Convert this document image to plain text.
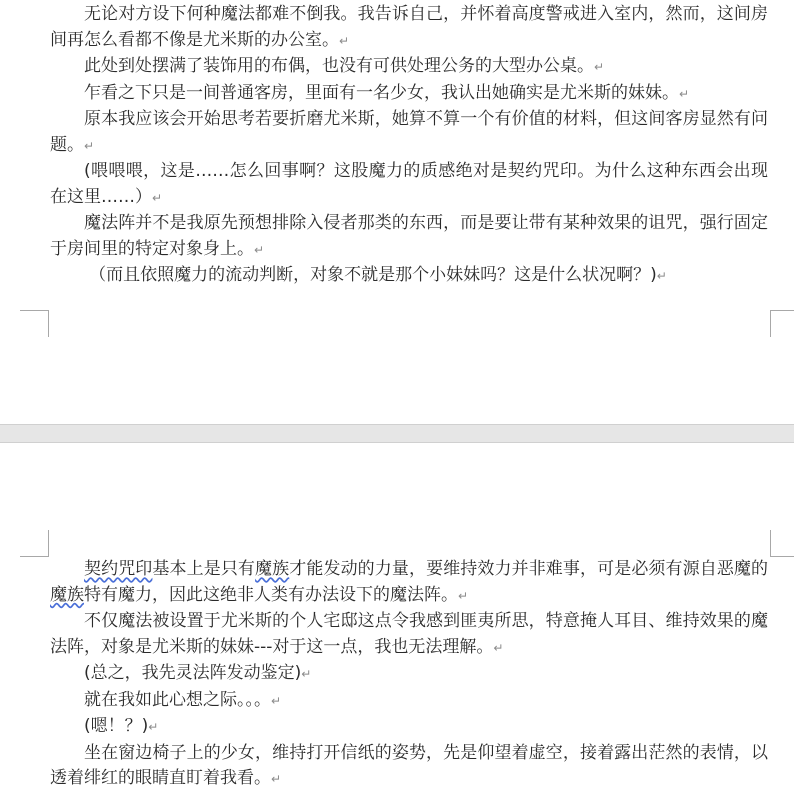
无论对方设下何种魔法都难不倒我。我告诉自己，并怀着高度警戒进入室内，然而，这间房间再怎么看都不像是尤米斯的办公室。↵

此处到处摆满了装饰用的布偶，也没有可供处理公务的大型办公桌。↵

乍看之下只是一间普通客房，里面有一名少女，我认出她确实是尤米斯的妹妹。↵

原本我应该会开始思考若要折磨尤米斯，她算不算一个有价值的材料，但这间客房显然有问题。↵

(喂喂喂，这是……怎么回事啊？这股魔力的质感绝对是契约咒印。为什么这种东西会出现在这里……）↵

魔法阵并不是我原先预想排除入侵者那类的东西，而是要让带有某种效果的诅咒，强行固定于房间里的特定对象身上。↵

（而且依照魔力的流动判断，对象不就是那个小妹妹吗？这是什么状况啊？)↵

契约咒印基本上是只有魔族才能发动的力量，要维持效力并非难事，可是必须有源自恶魔的魔族特有魔力，因此这绝非人类有办法设下的魔法阵。↵

不仅魔法被设置于尤米斯的个人宅邸这点令我感到匪夷所思，特意掩人耳目、维持效果的魔法阵，对象是尤米斯的妹妹---对于这一点，我也无法理解。↵

(总之，我先灵法阵发动鉴定)↵

就在我如此心想之际。。。↵

(嗯！？)↵

坐在窗边椅子上的少女，维持打开信纸的姿势，先是仰望着虚空，接着露出茫然的表情，以透着绯红的眼睛直盯着我看。↵
